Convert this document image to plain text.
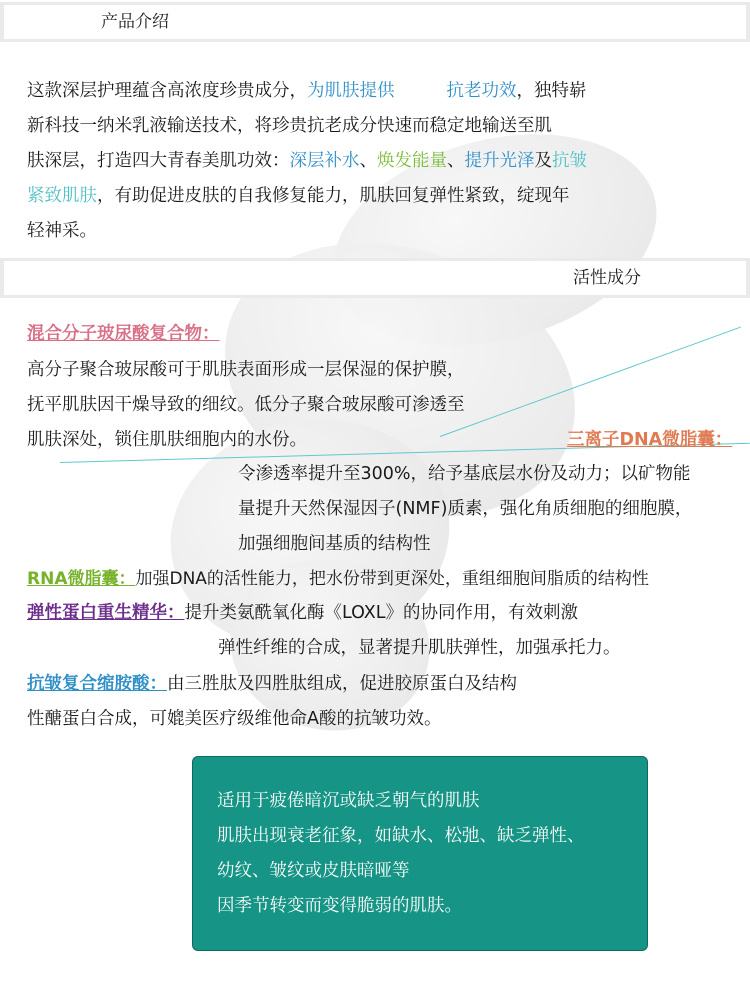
产品介绍
这款深层护理蕴含高浓度珍贵成分，为肌肤提供	抗老功效，独特崭
新科技一纳米乳液输送技术，将珍贵抗老成分快速而稳定地输送至肌
肤深层，打造四大青春美肌功效：深层补水、焕发能量、提升光泽及抗皱
紧致肌肤，有助促进皮肤的自我修复能力，肌肤回复弹性紧致，绽现年
轻神采。
活性成分
混合分子玻尿酸复合物：
高分子聚合玻尿酸可于肌肤表面形成一层保湿的保护膜，
抚平肌肤因干燥导致的细纹。低分子聚合玻尿酸可渗透至
肌肤深处，锁住肌肤细胞内的水份。	三离子DNA微脂囊：
令渗透率提升至300%，给予基底层水份及动力；以矿物能
量提升天然保湿因子(NMF)质素，强化角质细胞的细胞膜，
加强细胞间基质的结构性
RNA微脂囊：加强DNA的活性能力，把水份带到更深处，重组细胞间脂质的结构性
弹性蛋白重生精华：提升类氨酰氧化酶《LOXL》的协同作用，有效刺激
弹性纤维的合成，显著提升肌肤弹性，加强承托力。
抗皱复合缩胺酸：由三胜肽及四胜肽组成，促进胶原蛋白及结构
性醣蛋白合成，可媲美医疗级维他命A酸的抗皱功效。
适用于疲倦暗沉或缺乏朝气的肌肤
肌肤出现衰老征象，如缺水、松弛、缺乏弹性、
幼纹、皱纹或皮肤暗哑等
因季节转变而变得脆弱的肌肤。
